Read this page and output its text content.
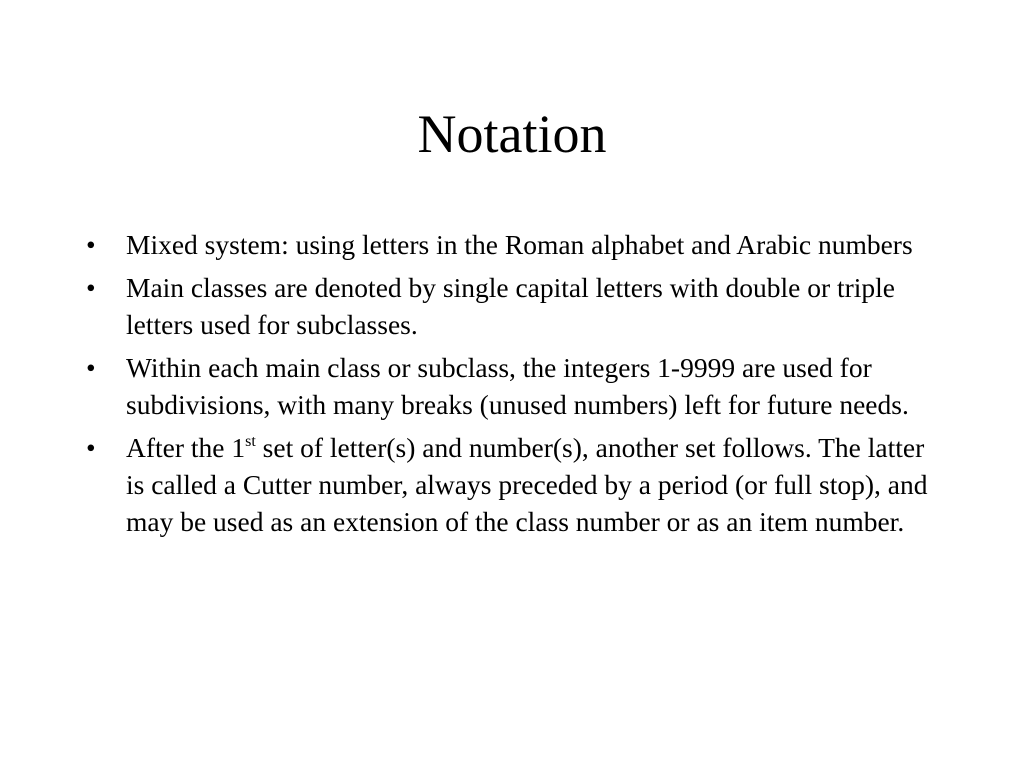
Notation
•	Mixed system: using letters in the Roman alphabet and Arabic numbers
•	Main classes are denoted by single capital letters with double or triple letters used for subclasses.
•	Within each main class or subclass, the integers 1-9999 are used for subdivisions, with many breaks (unused numbers) left for future needs.
•	After the 1st set of letter(s) and number(s), another set follows. The latter is called a Cutter number, always preceded by a period (or full stop), and may be used as an extension of the class number or as an item number.
